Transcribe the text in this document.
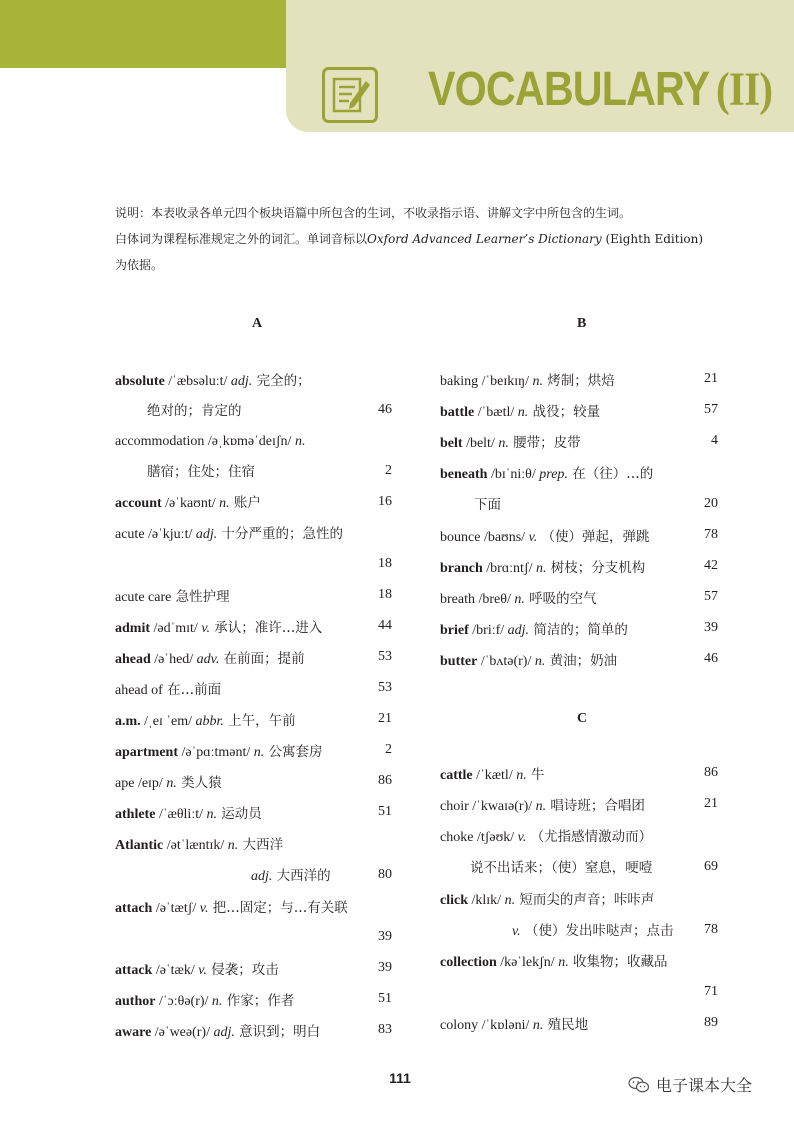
VOCABULARY (II)
说明：本表收录各单元四个板块语篇中所包含的生词，不收录指示语、讲解文字中所包含的生词。
白体词为课程标准规定之外的词汇。单词音标以Oxford Advanced Learner’s Dictionary (Eighth Edition)
为依据。
A	B
C
absolute /ˈæbsəluːt/ adj. 完全的；
绝对的；肯定的	46
accommodation /əˌkɒməˈdeɪʃn/ n.
膳宿；住处；住宿	2
account /əˈkaʊnt/ n. 账户	16
acute /əˈkjuːt/ adj. 十分严重的；急性的
18
acute care 急性护理	18
admit /ədˈmɪt/ v. 承认；准许…进入	44
ahead /əˈhed/ adv. 在前面；提前	53
ahead of 在…前面	53
a.m. /ˌeɪ ˈem/ abbr. 上午，午前	21
apartment /əˈpɑːtmənt/ n. 公寓套房	2
ape /eɪp/ n. 类人猿	86
athlete /ˈæθliːt/ n. 运动员	51
Atlantic /ətˈlæntɪk/ n. 大西洋
adj. 大西洋的	80
attach /əˈtætʃ/ v. 把…固定；与…有关联
39
attack /əˈtæk/ v. 侵袭；攻击	39
author /ˈɔːθə(r)/ n. 作家；作者	51
aware /əˈweə(r)/ adj. 意识到；明白	83
baking /ˈbeɪkɪŋ/ n. 烤制；烘焙	21
battle /ˈbætl/ n. 战役；较量	57
belt /belt/ n. 腰带；皮带	4
beneath /bɪˈniːθ/ prep. 在（往）…的
下面	20
bounce /baʊns/ v. （使）弹起，弹跳	78
branch /brɑːntʃ/ n. 树枝；分支机构	42
breath /breθ/ n. 呼吸的空气	57
brief /briːf/ adj. 简洁的；简单的	39
butter /ˈbʌtə(r)/ n. 黄油；奶油	46
cattle /ˈkætl/ n. 牛	86
choir /ˈkwaɪə(r)/ n. 唱诗班；合唱团	21
choke /tʃəʊk/ v. （尤指感情激动而）
说不出话来；（使）窒息，哽噎	69
click /klɪk/ n. 短而尖的声音；咔咔声
v. （使）发出咔哒声；点击	78
collection /kəˈlekʃn/ n. 收集物；收藏品
71
colony /ˈkɒləni/ n. 殖民地	89
111	电子课本大全
